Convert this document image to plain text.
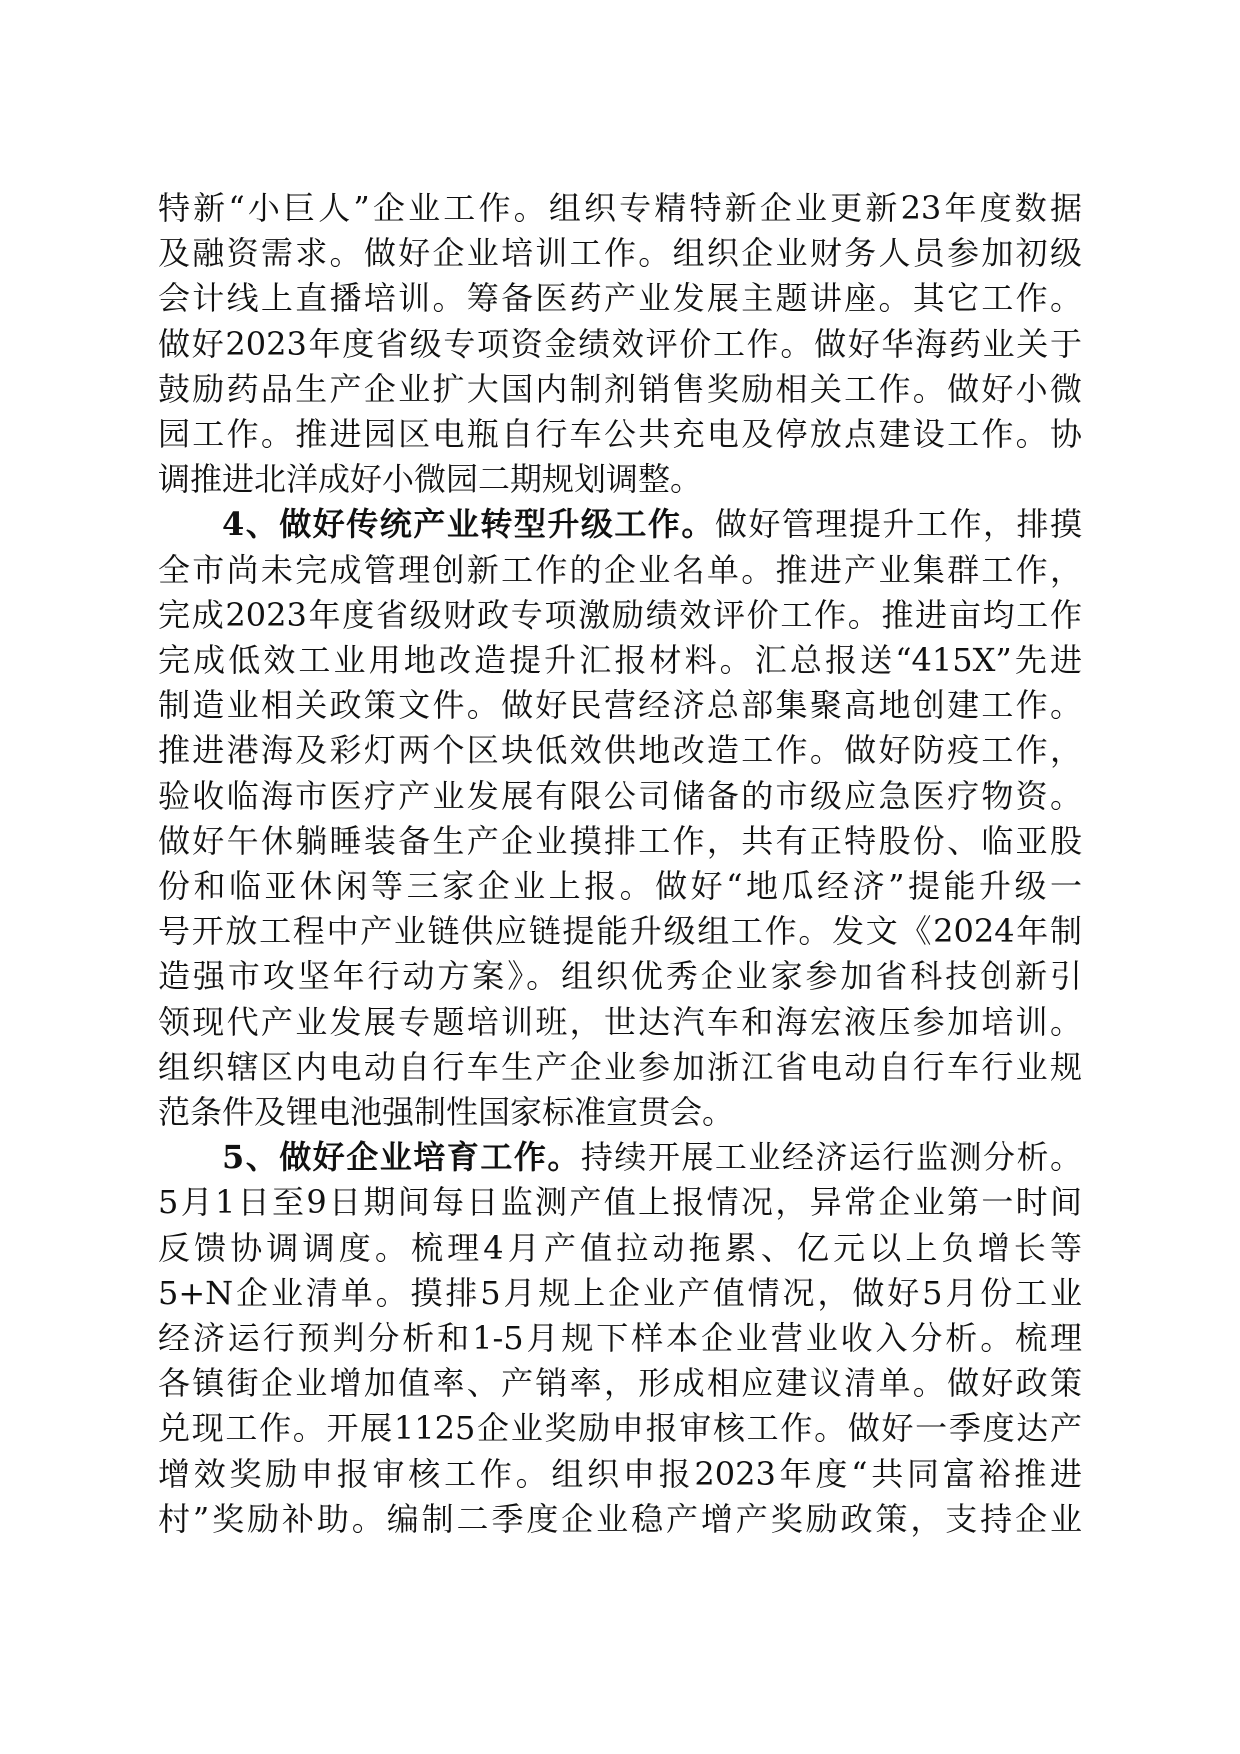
特新“小巨人”企业工作。组织专精特新企业更新23年度数据
及融资需求。做好企业培训工作。组织企业财务人员参加初级
会计线上直播培训。筹备医药产业发展主题讲座。其它工作。
做好2023年度省级专项资金绩效评价工作。做好华海药业关于
鼓励药品生产企业扩大国内制剂销售奖励相关工作。做好小微
园工作。推进园区电瓶自行车公共充电及停放点建设工作。协
调推进北洋成好小微园二期规划调整。
4、做好传统产业转型升级工作。做好管理提升工作，排摸
全市尚未完成管理创新工作的企业名单。推进产业集群工作，
完成2023年度省级财政专项激励绩效评价工作。推进亩均工作
完成低效工业用地改造提升汇报材料。汇总报送“415X”先进
制造业相关政策文件。做好民营经济总部集聚高地创建工作。
推进港海及彩灯两个区块低效供地改造工作。做好防疫工作，
验收临海市医疗产业发展有限公司储备的市级应急医疗物资。
做好午休躺睡装备生产企业摸排工作，共有正特股份、临亚股
份和临亚休闲等三家企业上报。做好“地瓜经济”提能升级一
号开放工程中产业链供应链提能升级组工作。发文《2024年制
造强市攻坚年行动方案》。组织优秀企业家参加省科技创新引
领现代产业发展专题培训班，世达汽车和海宏液压参加培训。
组织辖区内电动自行车生产企业参加浙江省电动自行车行业规
范条件及锂电池强制性国家标准宣贯会。
5、做好企业培育工作。持续开展工业经济运行监测分析。
5月1日至9日期间每日监测产值上报情况，异常企业第一时间
反馈协调调度。梳理4月产值拉动拖累、亿元以上负增长等
5+N企业清单。摸排5月规上企业产值情况，做好5月份工业
经济运行预判分析和1-5月规下样本企业营业收入分析。梳理
各镇街企业增加值率、产销率，形成相应建议清单。做好政策
兑现工作。开展1125企业奖励申报审核工作。做好一季度达产
增效奖励申报审核工作。组织申报2023年度“共同富裕推进
村”奖励补助。编制二季度企业稳产增产奖励政策，支持企业
